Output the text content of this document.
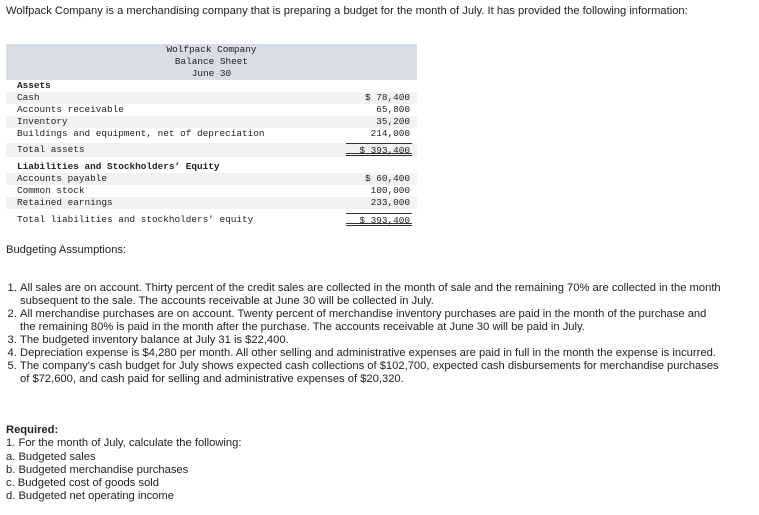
Wolfpack Company is a merchandising company that is preparing a budget for the month of July. It has provided the following information:
Wolfpack Company
Balance Sheet
June 30
Assets
Cash	$ 78,400
Accounts receivable	65,800
Inventory	35,200
Buildings and equipment, net of depreciation	214,000
Total assets	$ 393,400
Liabilities and Stockholders’ Equity
Accounts payable	$ 60,400
Common stock	100,000
Retained earnings	233,000
Total liabilities and stockholders’ equity	$ 393,400
Budgeting Assumptions:
1. All sales are on account. Thirty percent of the credit sales are collected in the month of sale and the remaining 70% are collected in the month subsequent to the sale. The accounts receivable at June 30 will be collected in July.
2. All merchandise purchases are on account. Twenty percent of merchandise inventory purchases are paid in the month of the purchase and the remaining 80% is paid in the month after the purchase. The accounts receivable at June 30 will be paid in July.
3. The budgeted inventory balance at July 31 is $22,400.
4. Depreciation expense is $4,280 per month. All other selling and administrative expenses are paid in full in the month the expense is incurred.
5. The company's cash budget for July shows expected cash collections of $102,700, expected cash disbursements for merchandise purchases of $72,600, and cash paid for selling and administrative expenses of $20,320.
Required:
1. For the month of July, calculate the following:
a. Budgeted sales
b. Budgeted merchandise purchases
c. Budgeted cost of goods sold
d. Budgeted net operating income
